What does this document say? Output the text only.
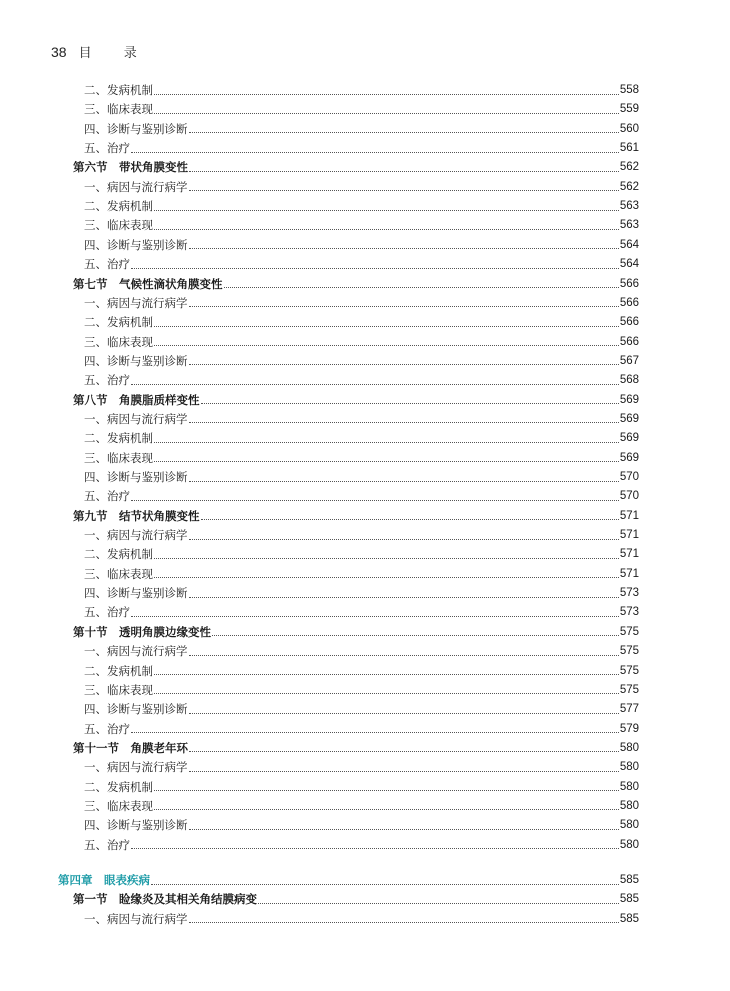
38 目 录
二、发病机制	558
三、临床表现	559
四、诊断与鉴别诊断	560
五、治疗	561
第六节　带状角膜变性	562
一、病因与流行病学	562
二、发病机制	563
三、临床表现	563
四、诊断与鉴别诊断	564
五、治疗	564
第七节　气候性滴状角膜变性	566
一、病因与流行病学	566
二、发病机制	566
三、临床表现	566
四、诊断与鉴别诊断	567
五、治疗	568
第八节　角膜脂质样变性	569
一、病因与流行病学	569
二、发病机制	569
三、临床表现	569
四、诊断与鉴别诊断	570
五、治疗	570
第九节　结节状角膜变性	571
一、病因与流行病学	571
二、发病机制	571
三、临床表现	571
四、诊断与鉴别诊断	573
五、治疗	573
第十节　透明角膜边缘变性	575
一、病因与流行病学	575
二、发病机制	575
三、临床表现	575
四、诊断与鉴别诊断	577
五、治疗	579
第十一节　角膜老年环	580
一、病因与流行病学	580
二、发病机制	580
三、临床表现	580
四、诊断与鉴别诊断	580
五、治疗	580
第四章　眼表疾病	585
第一节　睑缘炎及其相关角结膜病变	585
一、病因与流行病学	585
